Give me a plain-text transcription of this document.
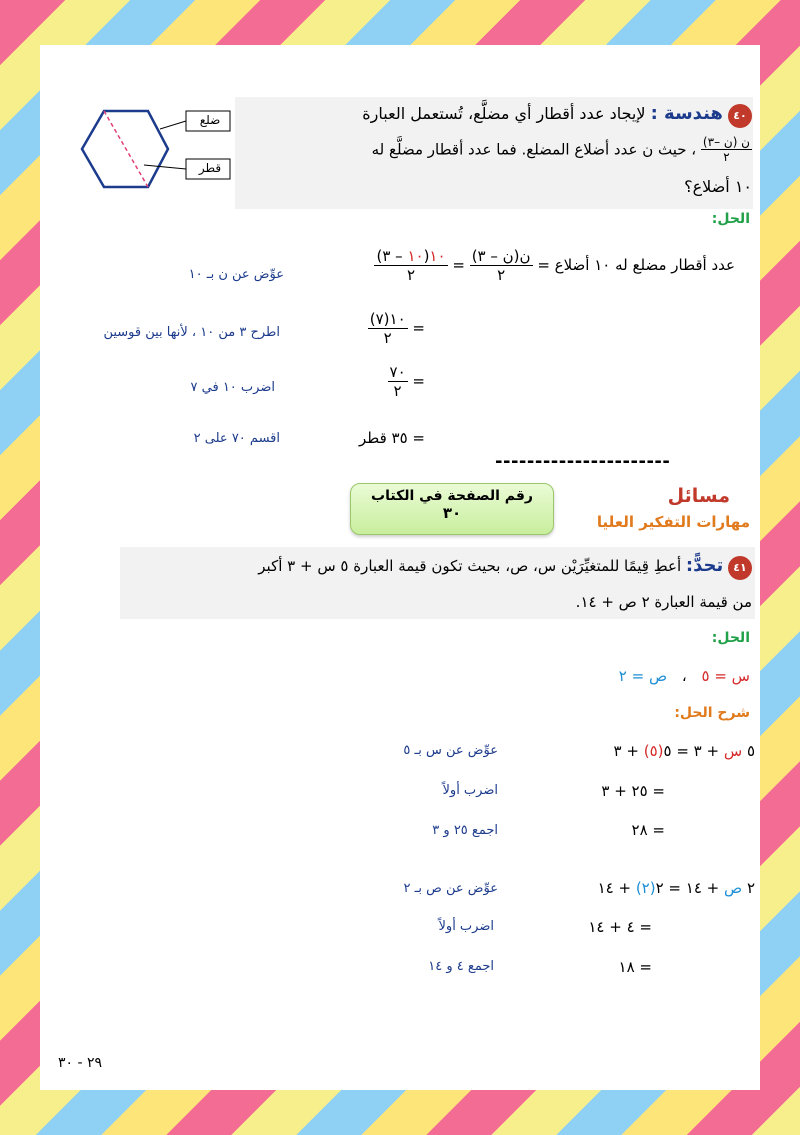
٤٠ هندسة : لإيجاد عدد أقطار أي مضلَّع، تُستعمل العبارة
$\frac{\text{ن (ن –٣)}}{٢}$
، حيث ن عدد أضلاع المضلع. فما عدد أقطار مضلَّع له
١٠ أضلاع؟
ضلع
قطر
الحل:
عدد أقطار مضلع له ١٠ أضلاع =
$\frac{\text{ن(ن – ٣)}}{٢}$
=
$\frac{١٠(١٠ - ٣)}{٢}$
عوِّض عن ن بـ ١٠
=
$\frac{١٠(٧)}{٢}$
اطرح ٣ من ١٠ ، لأنها بين قوسين
=
$\frac{٧٠}{٢}$
اضرب ١٠ في ٧
= ٣٥ قطر
اقسم ٧٠ على ٢
----------------------
مسائل
مهارات التفكير العليا
رقم الصفحة في الكتاب
٣٠
٤١ تحدًّ: أعطِ قِيمًا للمتغيِّرَيْن س، ص، بحيث تكون قيمة العبارة ٥ س + ٣ أكبر
من قيمة العبارة ٢ ص + ١٤.
الحل:
س = ٥ ، ص = ٢
شرح الحل:
٥ س + ٣ = ٥(٥) + ٣
عوِّض عن س بـ ٥
= ٢٥ + ٣
اضرب أولاً
= ٢٨
اجمع ٢٥ و ٣
٢ ص + ١٤ = ٢(٢) + ١٤
عوِّض عن ص بـ ٢
= ٤ + ١٤
اضرب أولاً
= ١٨
اجمع ٤ و ١٤
٢٩ - ٣٠
